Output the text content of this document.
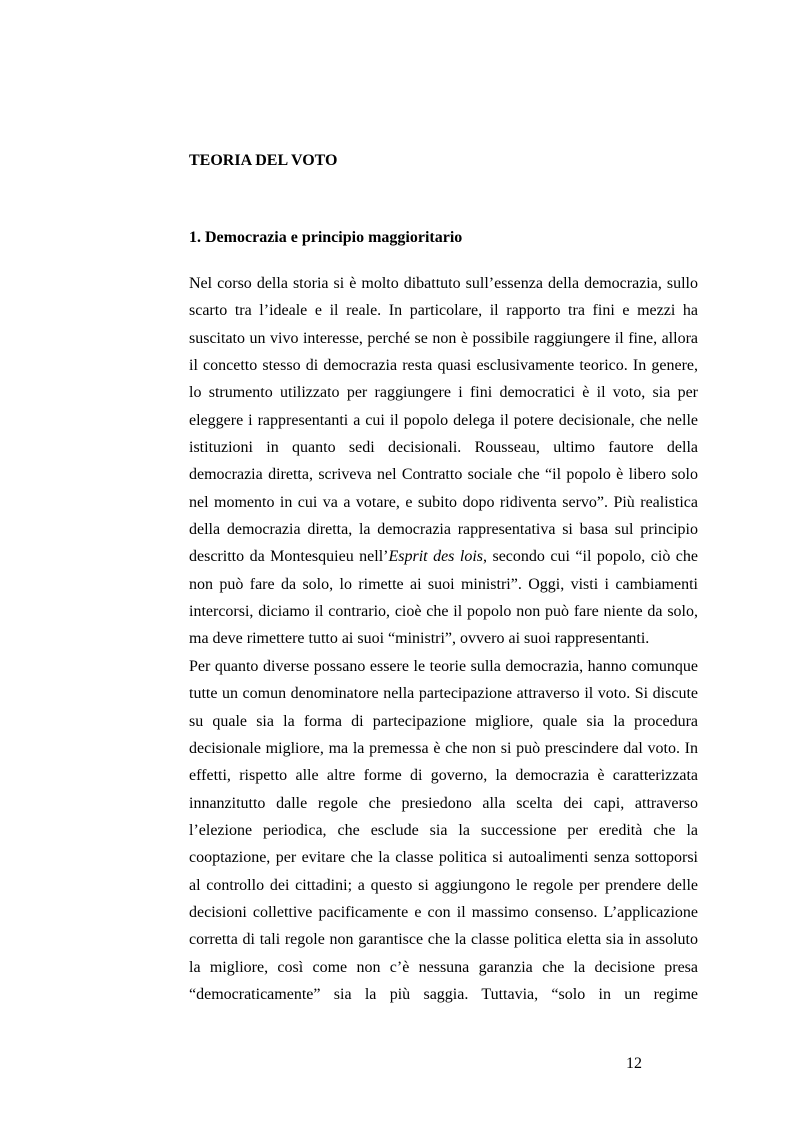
TEORIA DEL VOTO
1. Democrazia e principio maggioritario

Nel corso della storia si è molto dibattuto sull’essenza della democrazia, sullo scarto tra l’ideale e il reale. In particolare, il rapporto tra fini e mezzi ha suscitato un vivo interesse, perché se non è possibile raggiungere il fine, allora il concetto stesso di democrazia resta quasi esclusivamente teorico. In genere, lo strumento utilizzato per raggiungere i fini democratici è il voto, sia per eleggere i rappresentanti a cui il popolo delega il potere decisionale, che nelle istituzioni in quanto sedi decisionali. Rousseau, ultimo fautore della democrazia diretta, scriveva nel Contratto sociale che “il popolo è libero solo nel momento in cui va a votare, e subito dopo ridiventa servo”. Più realistica della democrazia diretta, la democrazia rappresentativa si basa sul principio descritto da Montesquieu nell’Esprit des lois, secondo cui “il popolo, ciò che non può fare da solo, lo rimette ai suoi ministri”. Oggi, visti i cambiamenti intercorsi, diciamo il contrario, cioè che il popolo non può fare niente da solo, ma deve rimettere tutto ai suoi “ministri”, ovvero ai suoi rappresentanti.

Per quanto diverse possano essere le teorie sulla democrazia, hanno comunque tutte un comun denominatore nella partecipazione attraverso il voto. Si discute su quale sia la forma di partecipazione migliore, quale sia la procedura decisionale migliore, ma la premessa è che non si può prescindere dal voto. In effetti, rispetto alle altre forme di governo, la democrazia è caratterizzata innanzitutto dalle regole che presiedono alla scelta dei capi, attraverso l’elezione periodica, che esclude sia la successione per eredità che la cooptazione, per evitare che la classe politica si autoalimenti senza sottoporsi al controllo dei cittadini; a questo si aggiungono le regole per prendere delle decisioni collettive pacificamente e con il massimo consenso. L’applicazione corretta di tali regole non garantisce che la classe politica eletta sia in assoluto la migliore, così come non c’è nessuna garanzia che la decisione presa “democraticamente” sia la più saggia. Tuttavia, “solo in un regime

12
